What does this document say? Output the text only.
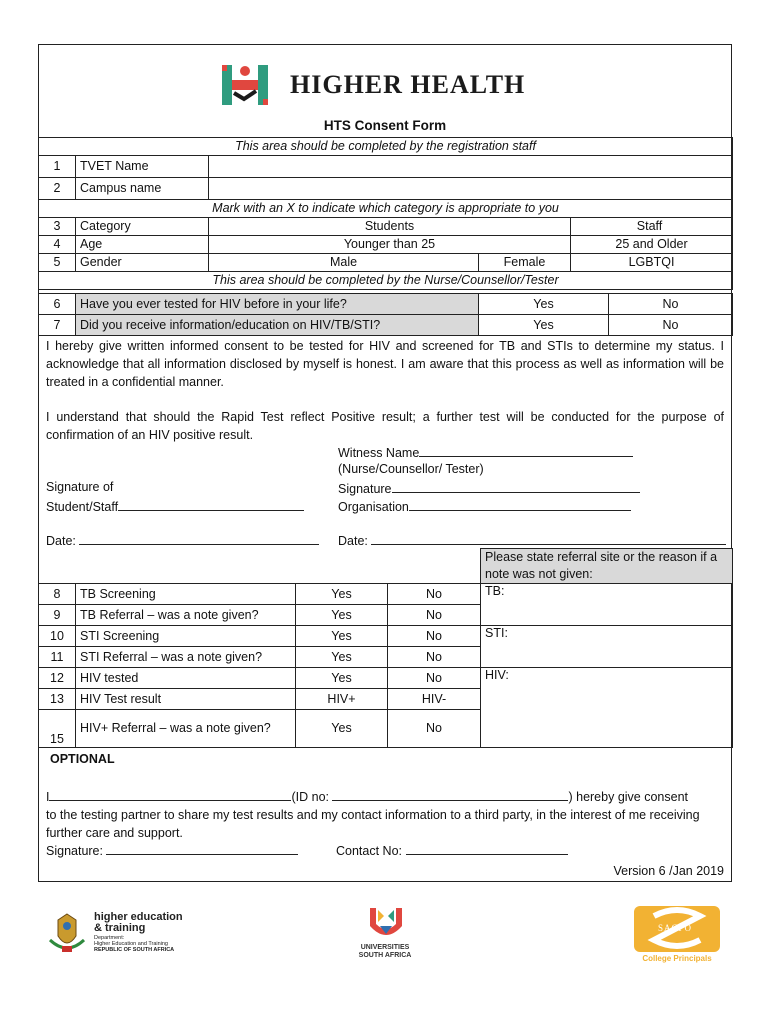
HIGHER HEALTH
HTS Consent Form
This area should be completed by the registration staff				
1	TVET Name			
2	Campus name			
Mark with an X to indicate which category is appropriate to you				
3	Category	Students		Staff
4	Age	Younger than 25		25 and Older
5	Gender	Male	Female	LGBTQI
This area should be completed by the Nurse/Counsellor/Tester				
6	Have you ever tested for HIV before in your life?	Yes	No
7	Did you receive information/education on HIV/TB/STI?	Yes	No
I hereby give written informed consent to be tested for HIV and screened for TB and STIs to determine my status. I acknowledge that all information disclosed by myself is honest. I am aware that this process as well as information will be treated in a confidential manner.
I understand that should the Rapid Test reflect Positive result; a further test will be conducted for the purpose of confirmation of an HIV positive result.
Witness Name
(Nurse/Counsellor/ Tester)
Signature of	Signature
Student/Staff	Organisation
Date:	Date:
				Please state referral site or the reason if a note was not given:
8	TB Screening	Yes	No	TB:
9	TB Referral – was a note given?	Yes	No	
10	STI Screening	Yes	No	STI:
11	STI Referral – was a note given?	Yes	No	
12	HIV tested	Yes	No	HIV:
13	HIV Test result	HIV+	HIV-	
15	HIV+ Referral – was a note given?	Yes	No	
OPTIONAL
I	(ID no:	) hereby give consent
to the testing partner to share my test results and my contact information to a third party, in the interest of me receiving further care and support.
Signature:	Contact No:
Version 6 /Jan 2019
higher education
& training
Department:
Higher Education and Training
REPUBLIC OF SOUTH AFRICA	UNIVERSITIES
SOUTH AFRICA
SACPO
College Principals
